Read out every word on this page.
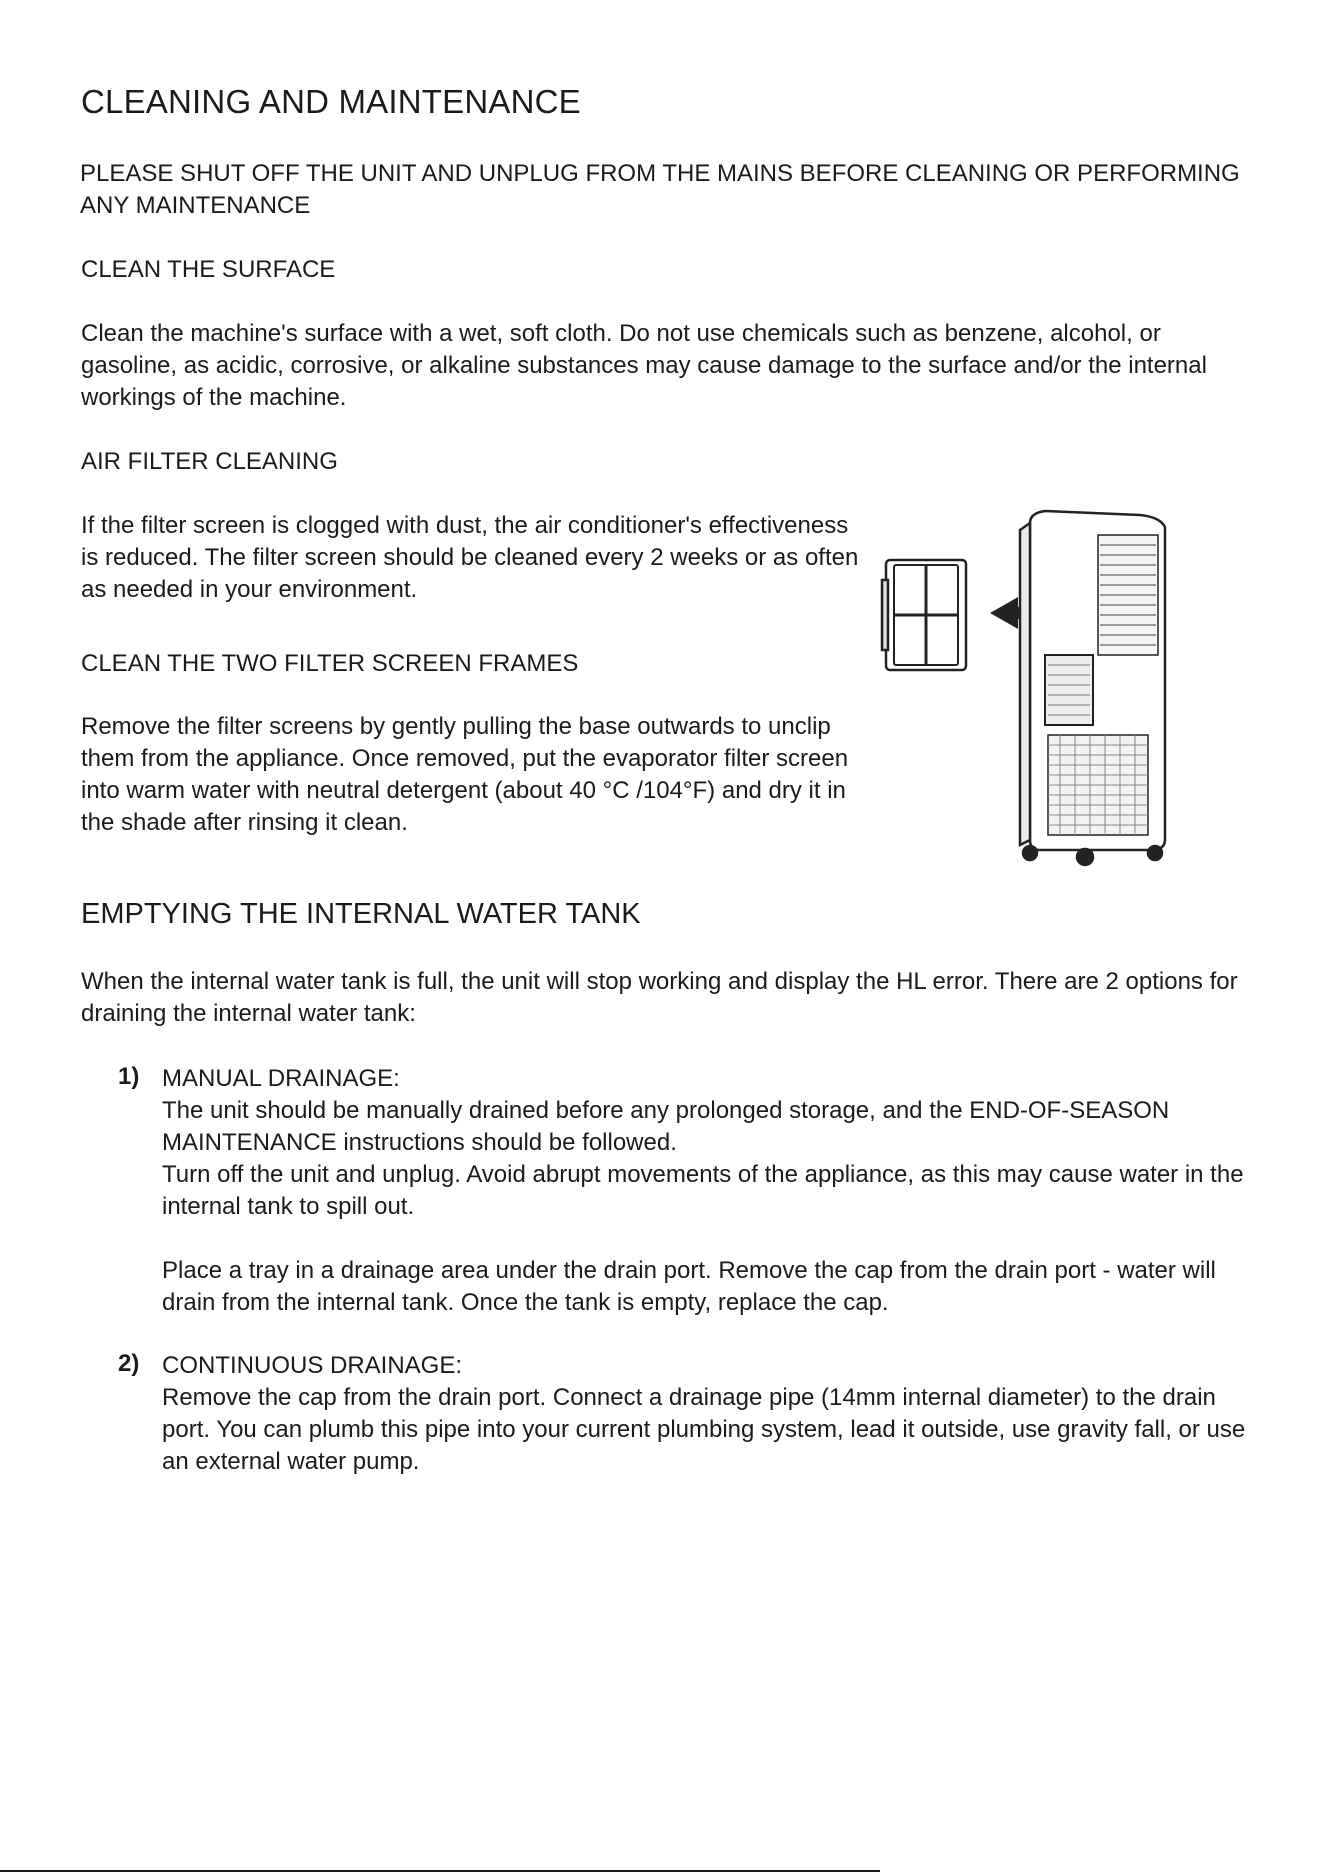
CLEANING AND MAINTENANCE
PLEASE SHUT OFF THE UNIT AND UNPLUG FROM THE MAINS BEFORE CLEANING OR PERFORMING ANY MAINTENANCE
CLEAN THE SURFACE
Clean the machine's surface with a wet, soft cloth. Do not use chemicals such as benzene, alcohol, or gasoline, as acidic, corrosive, or alkaline substances may cause damage to the surface and/or the internal workings of the machine.
AIR FILTER CLEANING
If the filter screen is clogged with dust, the air conditioner's effectiveness is reduced. The filter screen should be cleaned every 2 weeks or as often as needed in your environment.
CLEAN THE TWO FILTER SCREEN FRAMES
Remove the filter screens by gently pulling the base outwards to unclip them from the appliance. Once removed, put the evaporator filter screen into warm water with neutral detergent (about 40 °C /104°F) and dry it in the shade after rinsing it clean.
EMPTYING THE INTERNAL WATER TANK
When the internal water tank is full, the unit will stop working and display the HL error. There are 2 options for draining the internal water tank:
1) MANUAL DRAINAGE:

The unit should be manually drained before any prolonged storage, and the END-OF-SEASON MAINTENANCE instructions should be followed.

Turn off the unit and unplug. Avoid abrupt movements of the appliance, as this may cause water in the internal tank to spill out.

Place a tray in a drainage area under the drain port. Remove the cap from the drain port - water will drain from the internal tank. Once the tank is empty, replace the cap.

2) CONTINUOUS DRAINAGE:

Remove the cap from the drain port. Connect a drainage pipe (14mm internal diameter) to the drain port. You can plumb this pipe into your current plumbing system, lead it outside, use gravity fall, or use an external water pump.
